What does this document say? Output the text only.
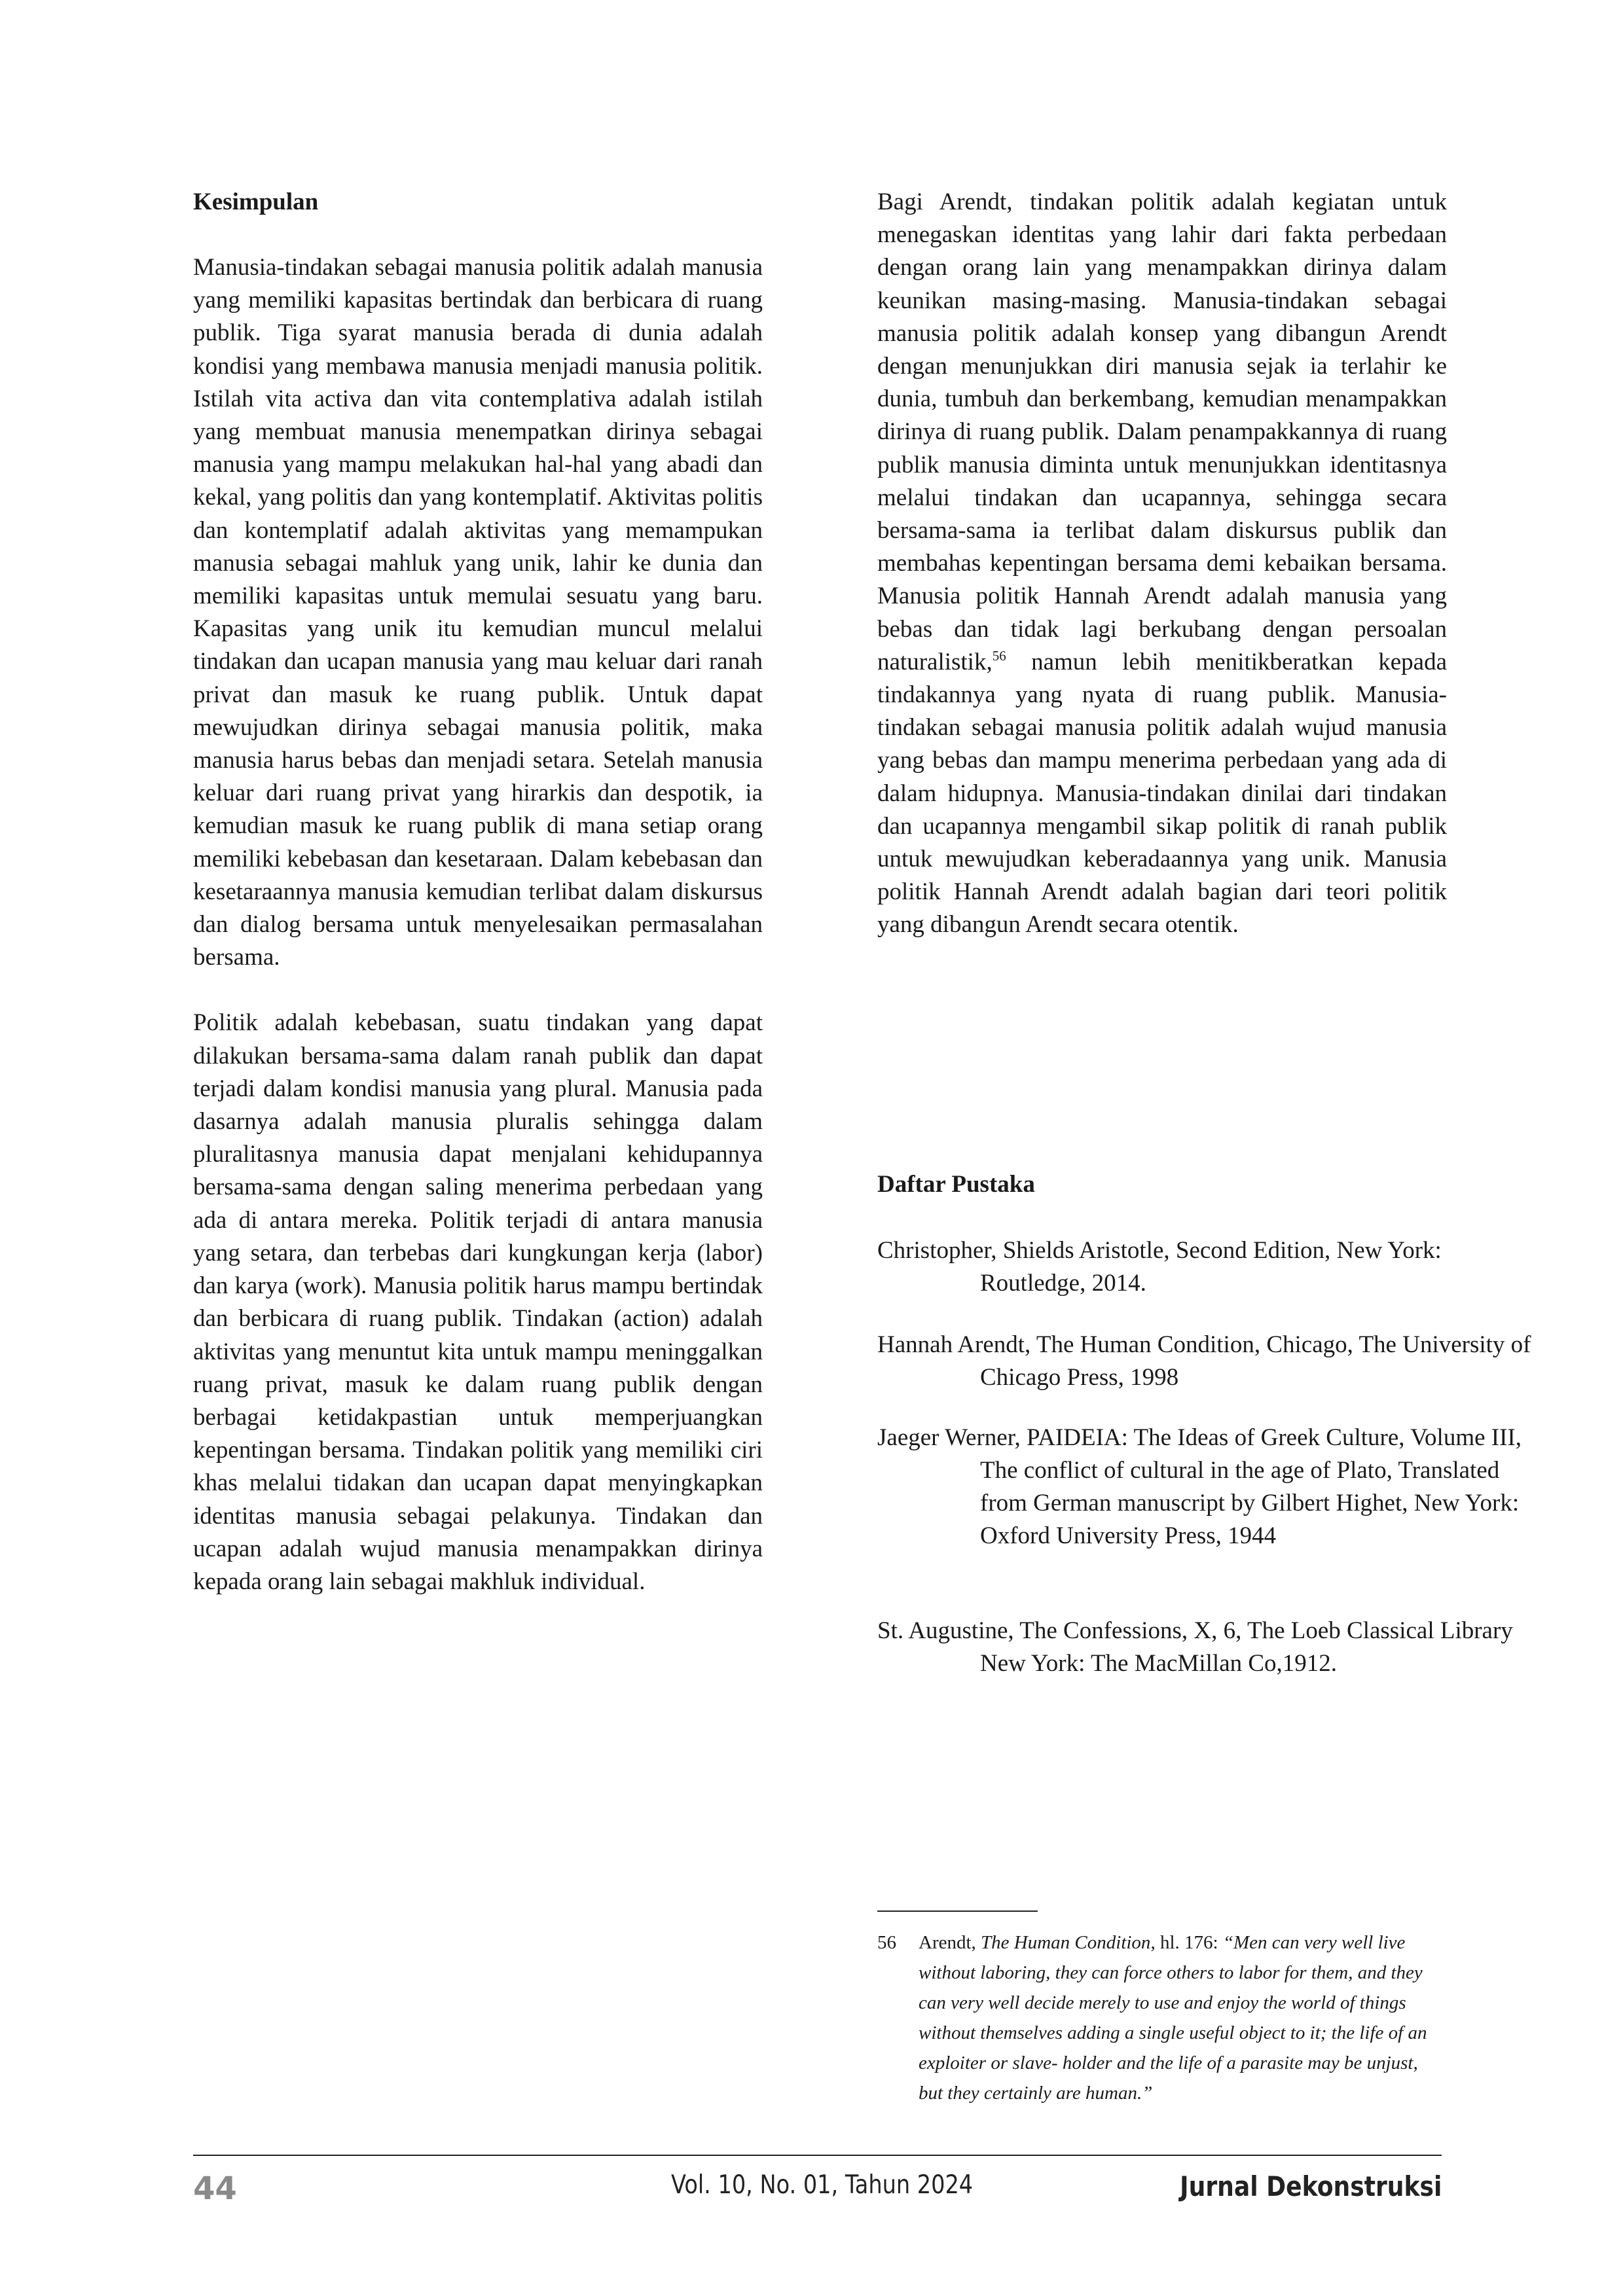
Kesimpulan

Manusia-tindakan sebagai manusia politik adalah manusia yang memiliki kapasitas bertindak dan berbicara di ruang publik. Tiga syarat manusia berada di dunia adalah kondisi yang membawa manusia menjadi manusia politik. Istilah vita activa dan vita contemplativa adalah istilah yang membuat manusia menempatkan dirinya sebagai manusia yang mampu melakukan hal-hal yang abadi dan kekal, yang politis dan yang kontemplatif. Aktivitas politis dan kontemplatif adalah aktivitas yang memampukan manusia sebagai mahluk yang unik, lahir ke dunia dan memiliki kapasitas untuk memulai sesuatu yang baru. Kapasitas yang unik itu kemudian muncul melalui tindakan dan ucapan manusia yang mau keluar dari ranah privat dan masuk ke ruang publik. Untuk dapat mewujudkan dirinya sebagai manusia politik, maka manusia harus bebas dan menjadi setara. Setelah manusia keluar dari ruang privat yang hirarkis dan despotik, ia kemudian masuk ke ruang publik di mana setiap orang memiliki kebebasan dan kesetaraan. Dalam kebebasan dan kesetaraannya manusia kemudian terlibat dalam diskursus dan dialog bersama untuk menyelesaikan permasalahan bersama.

Politik adalah kebebasan, suatu tindakan yang dapat dilakukan bersama-sama dalam ranah publik dan dapat terjadi dalam kondisi manusia yang plural. Manusia pada dasarnya adalah manusia pluralis sehingga dalam pluralitasnya manusia dapat menjalani kehidupannya bersama-sama dengan saling menerima perbedaan yang ada di antara mereka. Politik terjadi di antara manusia yang setara, dan terbebas dari kungkungan kerja (labor) dan karya (work). Manusia politik harus mampu bertindak dan berbicara di ruang publik. Tindakan (action) adalah aktivitas yang menuntut kita untuk mampu meninggalkan ruang privat, masuk ke dalam ruang publik dengan berbagai ketidakpastian untuk memperjuangkan kepentingan bersama. Tindakan politik yang memiliki ciri khas melalui tidakan dan ucapan dapat menyingkapkan identitas manusia sebagai pelakunya. Tindakan dan ucapan adalah wujud manusia menampakkan dirinya kepada orang lain sebagai makhluk individual.

Bagi Arendt, tindakan politik adalah kegiatan untuk menegaskan identitas yang lahir dari fakta perbedaan dengan orang lain yang menampakkan dirinya dalam keunikan masing-masing. Manusia-tindakan sebagai manusia politik adalah konsep yang dibangun Arendt dengan menunjukkan diri manusia sejak ia terlahir ke dunia, tumbuh dan berkembang, kemudian menampakkan dirinya di ruang publik. Dalam penampakkannya di ruang publik manusia diminta untuk menunjukkan identitasnya melalui tindakan dan ucapannya, sehingga secara bersama-sama ia terlibat dalam diskursus publik dan membahas kepentingan bersama demi kebaikan bersama. Manusia politik Hannah Arendt adalah manusia yang bebas dan tidak lagi berkubang dengan persoalan naturalistik,$^{56}$ namun lebih menitikberatkan kepada tindakannya yang nyata di ruang publik. Manusia-tindakan sebagai manusia politik adalah wujud manusia yang bebas dan mampu menerima perbedaan yang ada di dalam hidupnya. Manusia-tindakan dinilai dari tindakan dan ucapannya mengambil sikap politik di ranah publik untuk mewujudkan keberadaannya yang unik. Manusia politik Hannah Arendt adalah bagian dari teori politik yang dibangun Arendt secara otentik.

Daftar Pustaka

Christopher, Shields Aristotle, Second Edition, New York: Routledge, 2014.
Hannah Arendt, The Human Condition, Chicago, The University of Chicago Press, 1998
Jaeger Werner, PAIDEIA: The Ideas of Greek Culture, Volume III, The conflict of cultural in the age of Plato, Translated from German manuscript by Gilbert Highet, New York: Oxford University Press, 1944
St. Augustine, The Confessions, X, 6, The Loeb Classical Library New York: The MacMillan Co,1912.
56 Arendt, The Human Condition, hl. 176: “Men can very well live without laboring, they can force others to labor for them, and they can very well decide merely to use and enjoy the world of things without themselves adding a single useful object to it; the life of an exploiter or slave- holder and the life of a parasite may be unjust, but they certainly are human.”
44	Vol. 10, No. 01, Tahun 2024	Jurnal Dekonstruksi
